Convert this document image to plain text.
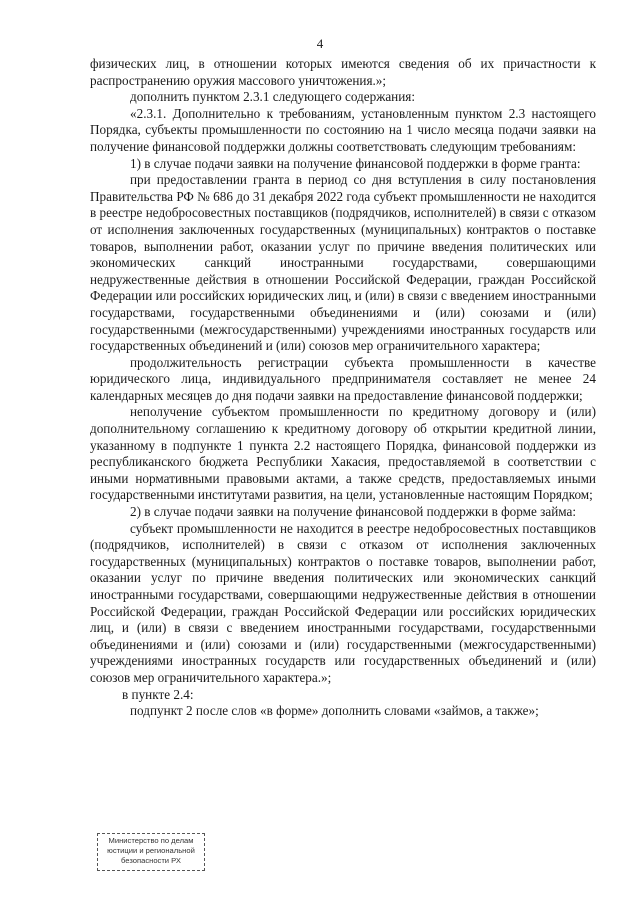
4

физических лиц, в отношении которых имеются сведения об их причастности к распространению оружия массового уничтожения.»;

дополнить пунктом 2.3.1 следующего содержания:

«2.3.1. Дополнительно к требованиям, установленным пунктом 2.3 настоящего Порядка, субъекты промышленности по состоянию на 1 число месяца подачи заявки на получение финансовой поддержки должны соответствовать следующим требованиям:

1) в случае подачи заявки на получение финансовой поддержки в форме гранта:

при предоставлении гранта в период со дня вступления в силу постановления Правительства РФ № 686 до 31 декабря 2022 года субъект промышленности не находится в реестре недобросовестных поставщиков (подрядчиков, исполнителей) в связи с отказом от исполнения заключенных государственных (муниципальных) контрактов о поставке товаров, выполнении работ, оказании услуг по причине введения политических или экономических санкций иностранными государствами, совершающими недружественные действия в отношении Российской Федерации, граждан Российской Федерации или российских юридических лиц, и (или) в связи с введением иностранными государствами, государственными объединениями и (или) союзами и (или) государственными (межгосударственными) учреждениями иностранных государств или государственных объединений и (или) союзов мер ограничительного характера;

продолжительность регистрации субъекта промышленности в качестве юридического лица, индивидуального предпринимателя составляет не менее 24 календарных месяцев до дня подачи заявки на предоставление финансовой поддержки;

неполучение субъектом промышленности по кредитному договору и (или) дополнительному соглашению к кредитному договору об открытии кредитной линии, указанному в подпункте 1 пункта 2.2 настоящего Порядка, финансовой поддержки из республиканского бюджета Республики Хакасия, предоставляемой в соответствии с иными нормативными правовыми актами, а также средств, предоставляемых иными государственными институтами развития, на цели, установленные настоящим Порядком;

2) в случае подачи заявки на получение финансовой поддержки в форме займа:

субъект промышленности не находится в реестре недобросовестных поставщиков (подрядчиков, исполнителей) в связи с отказом от исполнения заключенных государственных (муниципальных) контрактов о поставке товаров, выполнении работ, оказании услуг по причине введения политических или экономических санкций иностранными государствами, совершающими недружественные действия в отношении Российской Федерации, граждан Российской Федерации или российских юридических лиц, и (или) в связи с введением иностранными государствами, государственными объединениями и (или) союзами и (или) государственными (межгосударственными) учреждениями иностранных государств или государственных объединений и (или) союзов мер ограничительного характера.»;

в пункте 2.4:

подпункт 2 после слов «в форме» дополнить словами «займов, а также»;

Министерство по делам
юстиции и региональной
безопасности РХ
